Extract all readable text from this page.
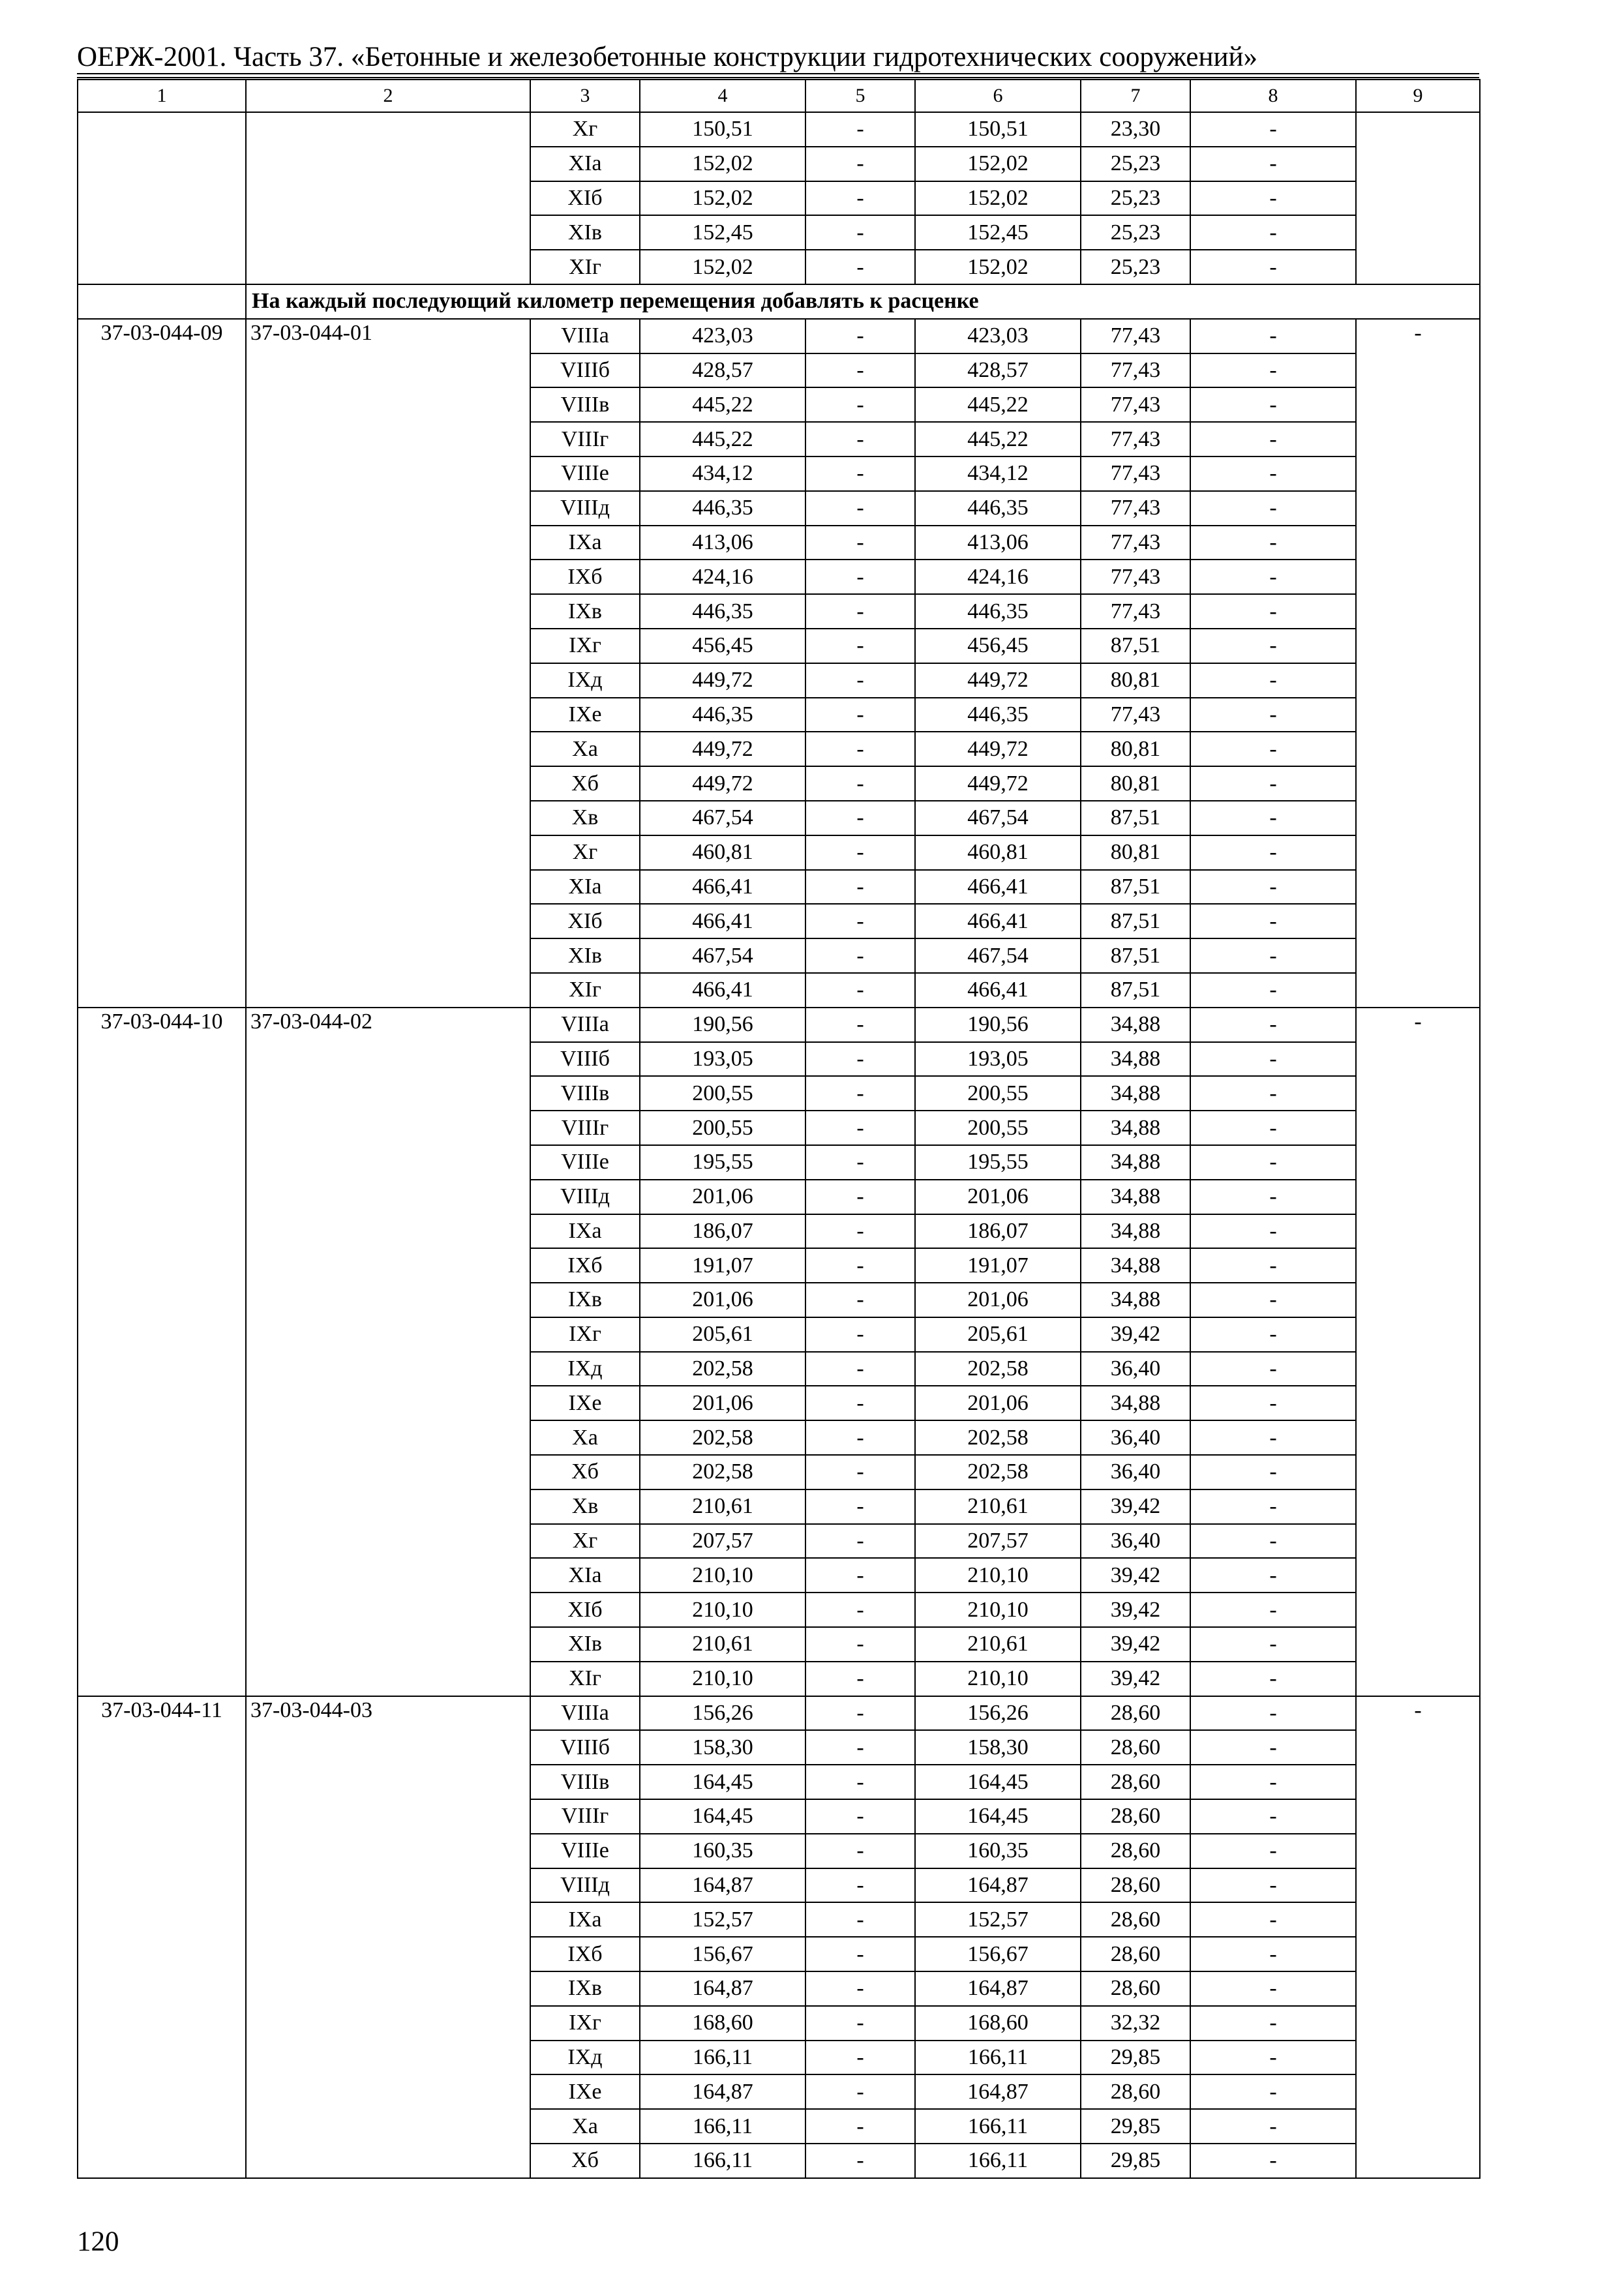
ОЕРЖ-2001. Часть 37. «Бетонные и железобетонные конструкции гидротехнических сооружений»
1	2	3	4	5	6	7	8	9
		Xг	150,51	-	150,51	23,30	-	
		XIа	152,02	-	152,02	25,23	-	
		XIб	152,02	-	152,02	25,23	-	
		XIв	152,45	-	152,45	25,23	-	
		XIг	152,02	-	152,02	25,23	-	
	На каждый последующий километр перемещения добавлять к расценке							
37-03-044-09	37-03-044-01	VIIIа	423,03	-	423,03	77,43	-	-
		VIIIб	428,57	-	428,57	77,43	-	
		VIIIв	445,22	-	445,22	77,43	-	
		VIIIг	445,22	-	445,22	77,43	-	
		VIIIе	434,12	-	434,12	77,43	-	
		VIIIд	446,35	-	446,35	77,43	-	
		IXа	413,06	-	413,06	77,43	-	
		IXб	424,16	-	424,16	77,43	-	
		IXв	446,35	-	446,35	77,43	-	
		IXг	456,45	-	456,45	87,51	-	
		IXд	449,72	-	449,72	80,81	-	
		IXе	446,35	-	446,35	77,43	-	
		Xа	449,72	-	449,72	80,81	-	
		Xб	449,72	-	449,72	80,81	-	
		Xв	467,54	-	467,54	87,51	-	
		Xг	460,81	-	460,81	80,81	-	
		XIа	466,41	-	466,41	87,51	-	
		XIб	466,41	-	466,41	87,51	-	
		XIв	467,54	-	467,54	87,51	-	
		XIг	466,41	-	466,41	87,51	-	
37-03-044-10	37-03-044-02	VIIIа	190,56	-	190,56	34,88	-	-
		VIIIб	193,05	-	193,05	34,88	-	
		VIIIв	200,55	-	200,55	34,88	-	
		VIIIг	200,55	-	200,55	34,88	-	
		VIIIе	195,55	-	195,55	34,88	-	
		VIIIд	201,06	-	201,06	34,88	-	
		IXа	186,07	-	186,07	34,88	-	
		IXб	191,07	-	191,07	34,88	-	
		IXв	201,06	-	201,06	34,88	-	
		IXг	205,61	-	205,61	39,42	-	
		IXд	202,58	-	202,58	36,40	-	
		IXе	201,06	-	201,06	34,88	-	
		Xа	202,58	-	202,58	36,40	-	
		Xб	202,58	-	202,58	36,40	-	
		Xв	210,61	-	210,61	39,42	-	
		Xг	207,57	-	207,57	36,40	-	
		XIа	210,10	-	210,10	39,42	-	
		XIб	210,10	-	210,10	39,42	-	
		XIв	210,61	-	210,61	39,42	-	
		XIг	210,10	-	210,10	39,42	-	
37-03-044-11	37-03-044-03	VIIIа	156,26	-	156,26	28,60	-	-
		VIIIб	158,30	-	158,30	28,60	-	
		VIIIв	164,45	-	164,45	28,60	-	
		VIIIг	164,45	-	164,45	28,60	-	
		VIIIе	160,35	-	160,35	28,60	-	
		VIIIд	164,87	-	164,87	28,60	-	
		IXа	152,57	-	152,57	28,60	-	
		IXб	156,67	-	156,67	28,60	-	
		IXв	164,87	-	164,87	28,60	-	
		IXг	168,60	-	168,60	32,32	-	
		IXд	166,11	-	166,11	29,85	-	
		IXе	164,87	-	164,87	28,60	-	
		Xа	166,11	-	166,11	29,85	-	
		Xб	166,11	-	166,11	29,85	-	
120
